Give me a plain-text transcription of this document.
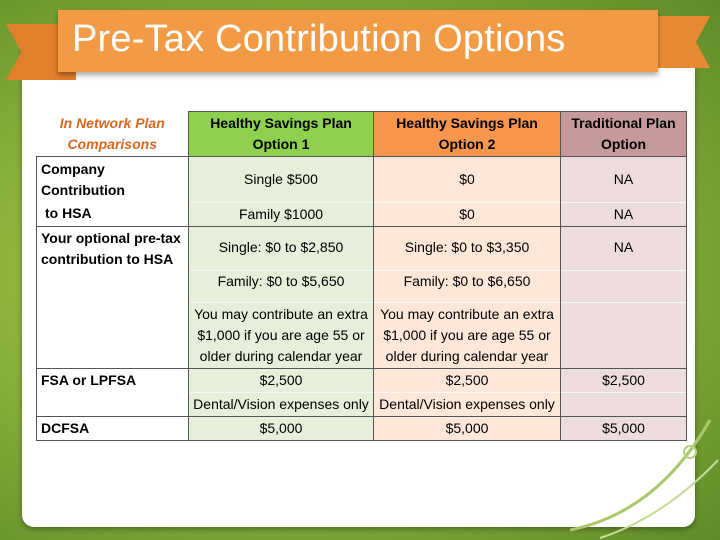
Pre-Tax Contribution Options
In Network Plan Comparisons	Healthy Savings Plan Option 1	Healthy Savings Plan Option 2	Traditional Plan Option
Company Contribution	Single $500	$0	NA
to HSA	Family $1000	$0	NA
Your optional pre-tax contribution to HSA	Single: $0 to $2,850	Single: $0 to $3,350	NA
	Family: $0 to $5,650	Family: $0 to $6,650	
	You may contribute an extra $1,000 if you are age 55 or older during calendar year	You may contribute an extra $1,000 if you are age 55 or older during calendar year	
FSA or LPFSA	$2,500	$2,500	$2,500
	Dental/Vision expenses only	Dental/Vision expenses only	
DCFSA	$5,000	$5,000	$5,000
